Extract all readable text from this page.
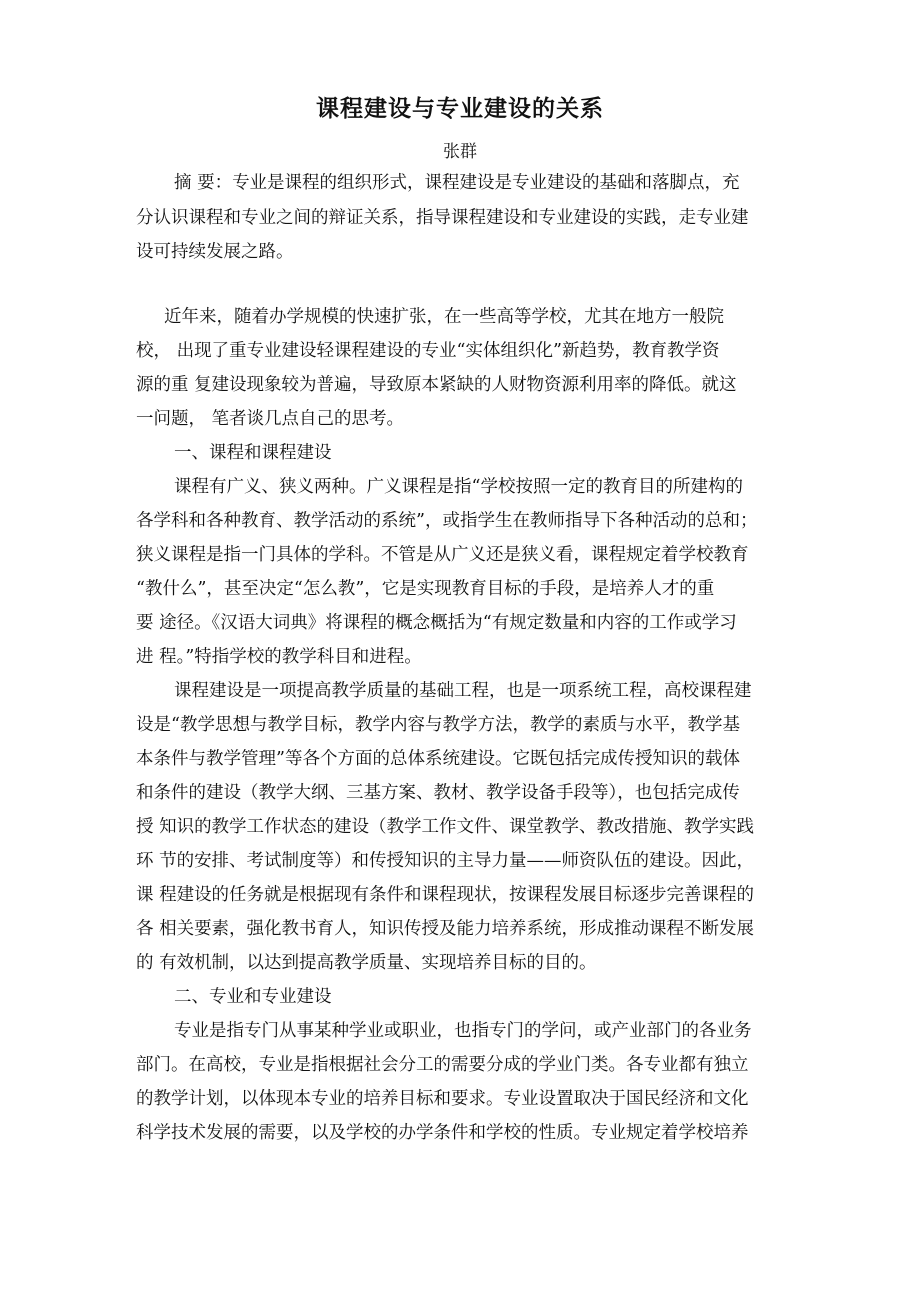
课程建设与专业建设的关系
张群
摘 要：专业是课程的组织形式，课程建设是专业建设的基础和落脚点，充
分认识课程和专业之间的辩证关系，指导课程建设和专业建设的实践，走专业建
设可持续发展之路。
近年来，随着办学规模的快速扩张，在一些高等学校，尤其在地方一般院
校， 出现了重专业建设轻课程建设的专业“实体组织化”新趋势，教育教学资
源的重 复建设现象较为普遍，导致原本紧缺的人财物资源利用率的降低。就这
一问题， 笔者谈几点自己的思考。
一、课程和课程建设
课程有广义、狭义两种。广义课程是指“学校按照一定的教育目的所建构的
各学科和各种教育、教学活动的系统”，或指学生在教师指导下各种活动的总和；
狭义课程是指一门具体的学科。不管是从广义还是狭义看，课程规定着学校教育
“教什么”，甚至决定“怎么教”，它是实现教育目标的手段，是培养人才的重
要 途径。《汉语大词典》将课程的概念概括为“有规定数量和内容的工作或学习
进 程。”特指学校的教学科目和进程。
课程建设是一项提高教学质量的基础工程，也是一项系统工程，高校课程建
设是“教学思想与教学目标，教学内容与教学方法，教学的素质与水平，教学基
本条件与教学管理”等各个方面的总体系统建设。它既包括完成传授知识的载体
和条件的建设（教学大纲、三基方案、教材、教学设备手段等），也包括完成传
授 知识的教学工作状态的建设（教学工作文件、课堂教学、教改措施、教学实践
环 节的安排、考试制度等）和传授知识的主导力量——师资队伍的建设。因此，
课 程建设的任务就是根据现有条件和课程现状，按课程发展目标逐步完善课程的
各 相关要素，强化教书育人，知识传授及能力培养系统，形成推动课程不断发展
的 有效机制，以达到提高教学质量、实现培养目标的目的。
二、专业和专业建设
专业是指专门从事某种学业或职业，也指专门的学问，或产业部门的各业务
部门。在高校，专业是指根据社会分工的需要分成的学业门类。各专业都有独立
的教学计划，以体现本专业的培养目标和要求。专业设置取决于国民经济和文化
科学技术发展的需要，以及学校的办学条件和学校的性质。专业规定着学校培养
